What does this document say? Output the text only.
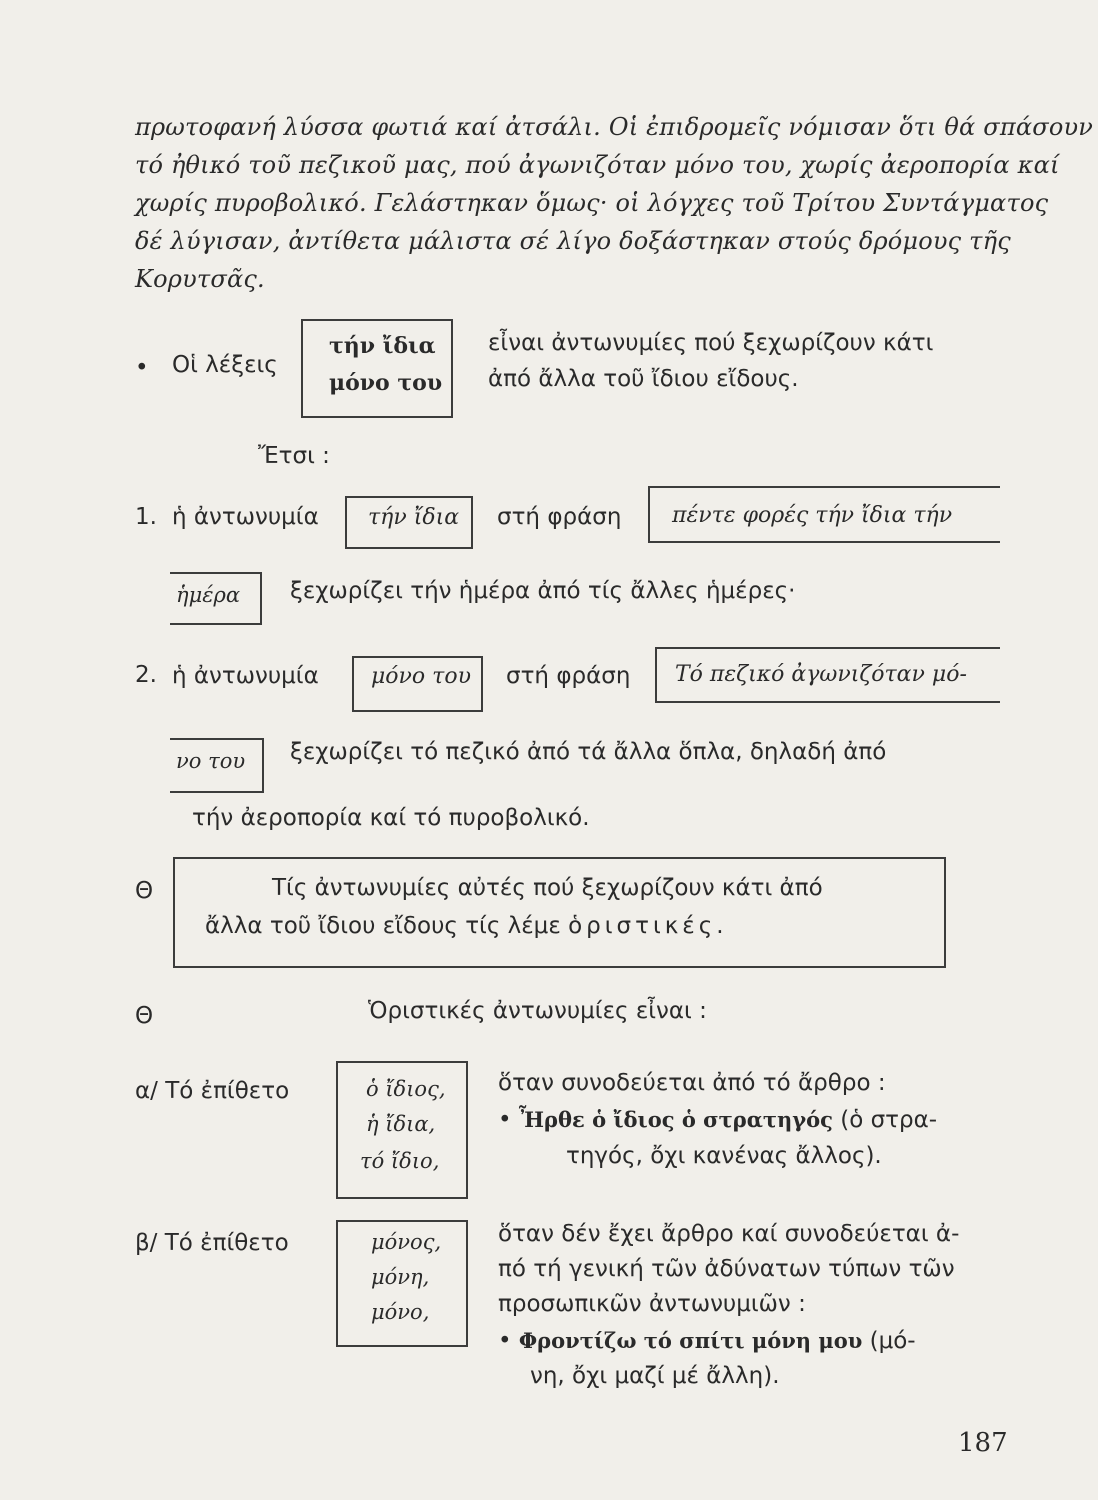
πρωτοφανή λύσσα φωτιά καί ἀτσάλι. Οἱ ἐπιδρομεῖς νόμισαν ὅτι θά σπάσουν
τό ἠθικό τοῦ πεζικοῦ μας, πού ἀγωνιζόταν μόνο του, χωρίς ἀεροπορία καί
χωρίς πυροβολικό. Γελάστηκαν ὅμως· οἱ λόγχες τοῦ Τρίτου Συντάγματος
δέ λύγισαν, ἀντίθετα μάλιστα σέ λίγο δοξάστηκαν στούς δρόμους τῆς
Κορυτσᾶς.
• Οἱ λέξεις
τήν ἴδια
μόνο του
εἶναι ἀντωνυμίες πού ξεχωρίζουν κάτι
ἀπό ἄλλα τοῦ ἴδιου εἴδους.
Ἔτσι :
1. ἡ ἀντωνυμία τήν ἴδια στή φράση πέντε φορές τήν ἴδια τήν
ἡμέρα ξεχωρίζει τήν ἡμέρα ἀπό τίς ἄλλες ἡμέρες·
2. ἡ ἀντωνυμία μόνο του στή φράση Τό πεζικό ἀγωνιζόταν μό-
νο του ξεχωρίζει τό πεζικό ἀπό τά ἄλλα ὅπλα, δηλαδή ἀπό
τήν ἀεροπορία καί τό πυροβολικό.
Θ	Τίς ἀντωνυμίες αὐτές πού ξεχωρίζουν κάτι ἀπό
ἄλλα τοῦ ἴδιου εἴδους τίς λέμε ὁριστικές.
Θ	Ὁριστικές ἀντωνυμίες εἶναι :
α/ Τό ἐπίθετο	ὁ ἴδιος,
ἡ ἴδια,
τό ἴδιο,
ὅταν συνοδεύεται ἀπό τό ἄρθρο :
• Ἦρθε ὁ ἴδιος ὁ στρατηγός (ὁ στρα-
τηγός, ὄχι κανένας ἄλλος).
β/ Τό ἐπίθετο	μόνος,
μόνη,
μόνο,
ὅταν δέν ἔχει ἄρθρο καί συνοδεύεται ἀ-
πό τή γενική τῶν ἀδύνατων τύπων τῶν
προσωπικῶν ἀντωνυμιῶν :
• Φροντίζω τό σπίτι μόνη μου (μό-
νη, ὄχι μαζί μέ ἄλλη).
187
